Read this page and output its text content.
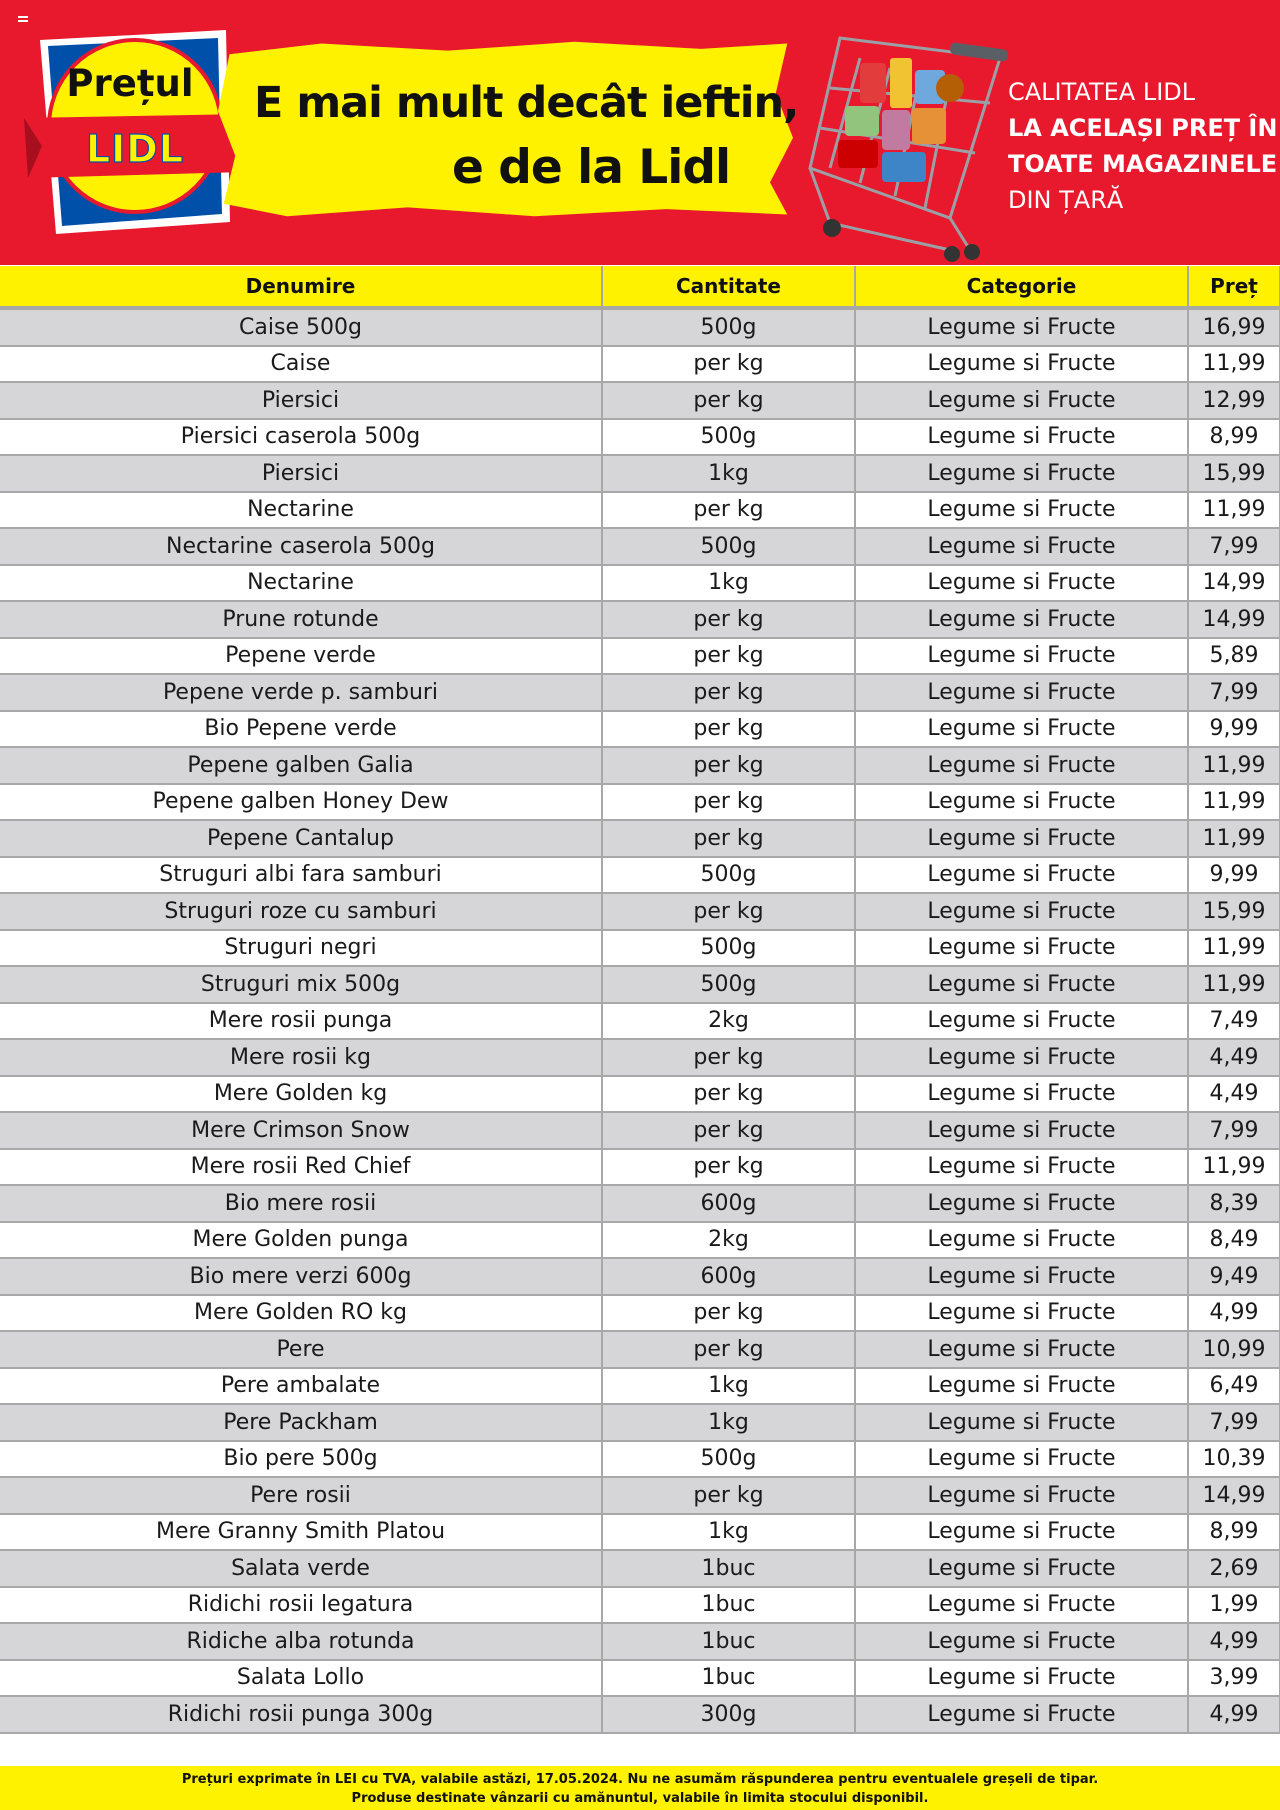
Prețul
LIDL
E mai mult decât ieftin,
e de la Lidl
CALITATEA LIDL
LA ACELAȘI PREȚ ÎN
TOATE MAGAZINELE
DIN ȚARĂ
Denumire	Cantitate	Categorie	Preț
Caise 500g	500g	Legume si Fructe	16,99
Caise	per kg	Legume si Fructe	11,99
Piersici	per kg	Legume si Fructe	12,99
Piersici caserola 500g	500g	Legume si Fructe	8,99
Piersici	1kg	Legume si Fructe	15,99
Nectarine	per kg	Legume si Fructe	11,99
Nectarine caserola 500g	500g	Legume si Fructe	7,99
Nectarine	1kg	Legume si Fructe	14,99
Prune rotunde	per kg	Legume si Fructe	14,99
Pepene verde	per kg	Legume si Fructe	5,89
Pepene verde p. samburi	per kg	Legume si Fructe	7,99
Bio Pepene verde	per kg	Legume si Fructe	9,99
Pepene galben Galia	per kg	Legume si Fructe	11,99
Pepene galben Honey Dew	per kg	Legume si Fructe	11,99
Pepene Cantalup	per kg	Legume si Fructe	11,99
Struguri albi fara samburi	500g	Legume si Fructe	9,99
Struguri roze cu samburi	per kg	Legume si Fructe	15,99
Struguri negri	500g	Legume si Fructe	11,99
Struguri mix 500g	500g	Legume si Fructe	11,99
Mere rosii punga	2kg	Legume si Fructe	7,49
Mere rosii kg	per kg	Legume si Fructe	4,49
Mere Golden kg	per kg	Legume si Fructe	4,49
Mere Crimson Snow	per kg	Legume si Fructe	7,99
Mere rosii Red Chief	per kg	Legume si Fructe	11,99
Bio mere rosii	600g	Legume si Fructe	8,39
Mere Golden punga	2kg	Legume si Fructe	8,49
Bio mere verzi 600g	600g	Legume si Fructe	9,49
Mere Golden RO kg	per kg	Legume si Fructe	4,99
Pere	per kg	Legume si Fructe	10,99
Pere ambalate	1kg	Legume si Fructe	6,49
Pere Packham	1kg	Legume si Fructe	7,99
Bio pere 500g	500g	Legume si Fructe	10,39
Pere rosii	per kg	Legume si Fructe	14,99
Mere Granny Smith Platou	1kg	Legume si Fructe	8,99
Salata verde	1buc	Legume si Fructe	2,69
Ridichi rosii legatura	1buc	Legume si Fructe	1,99
Ridiche alba rotunda	1buc	Legume si Fructe	4,99
Salata Lollo	1buc	Legume si Fructe	3,99
Ridichi rosii punga 300g	300g	Legume si Fructe	4,99
Prețuri exprimate în LEI cu TVA, valabile astăzi, 17.05.2024. Nu ne asumăm răspunderea pentru eventualele greșeli de tipar.
Produse destinate vânzarii cu amănuntul, valabile în limita stocului disponibil.
